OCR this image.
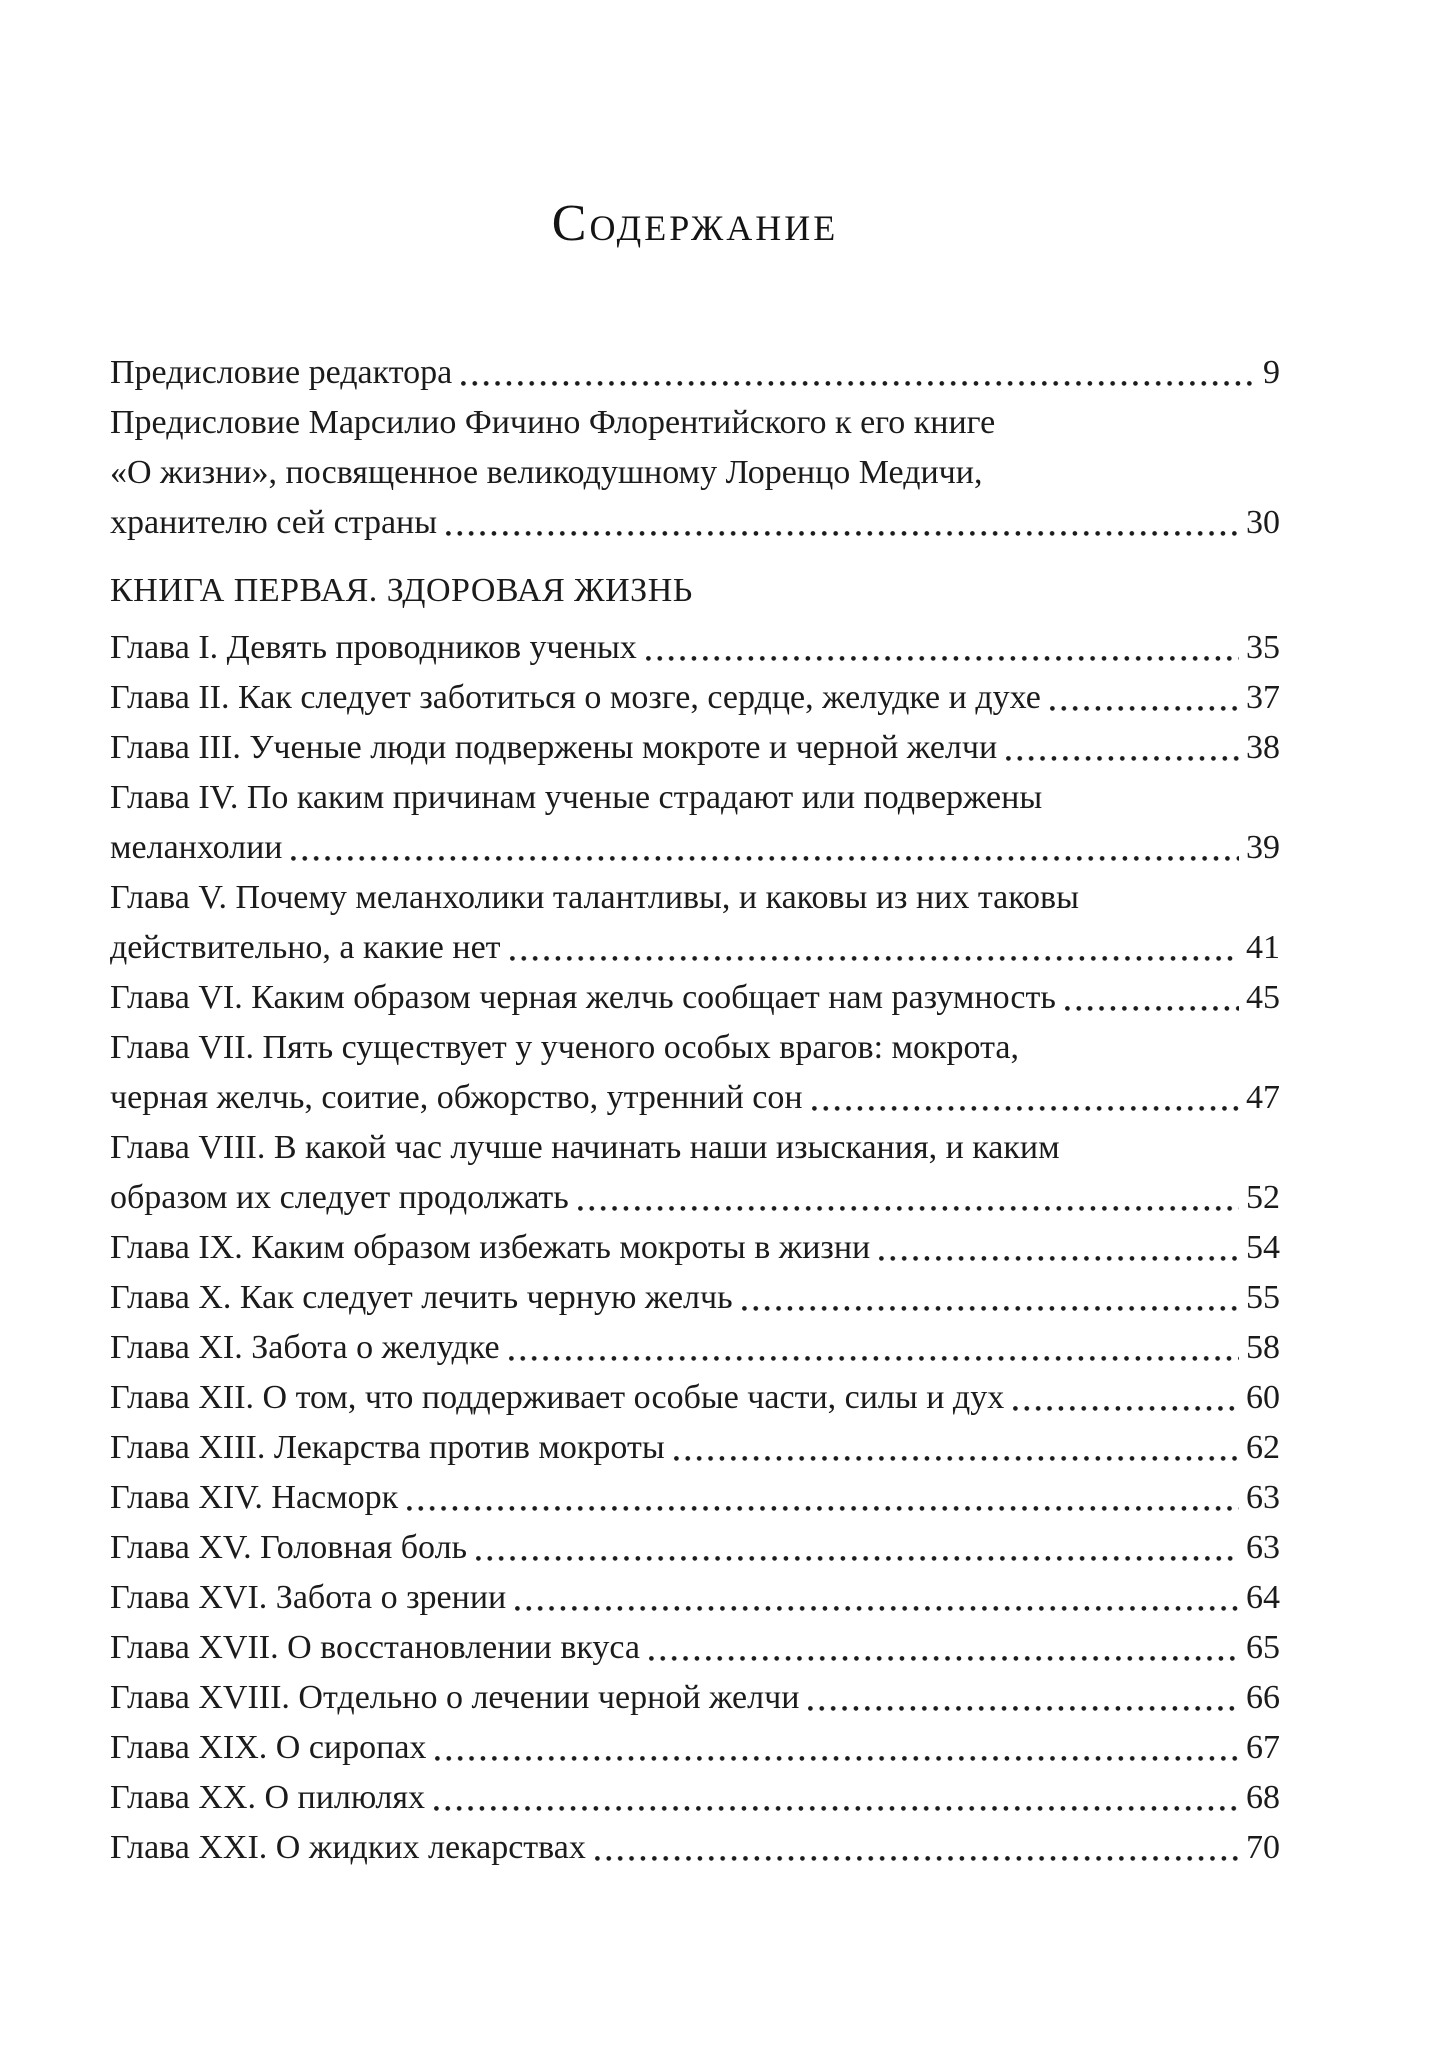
Содержание
Предисловие редактора	9
Предисловие Марсилио Фичино Флорентийского к его книге
«О жизни», посвященное великодушному Лоренцо Медичи,
хранителю сей страны	30
КНИГА ПЕРВАЯ. ЗДОРОВАЯ ЖИЗНЬ
Глава I. Девять проводников ученых	35
Глава II. Как следует заботиться о мозге, сердце, желудке и духе	37
Глава III. Ученые люди подвержены мокроте и черной желчи	38
Глава IV. По каким причинам ученые страдают или подвержены
меланхолии	39
Глава V. Почему меланхолики талантливы, и каковы из них таковы
действительно, а какие нет	41
Глава VI. Каким образом черная желчь сообщает нам разумность	45
Глава VII. Пять существует у ученого особых врагов: мокрота,
черная желчь, соитие, обжорство, утренний сон	47
Глава VIII. В какой час лучше начинать наши изыскания, и каким
образом их следует продолжать	52
Глава IX. Каким образом избежать мокроты в жизни	54
Глава X. Как следует лечить черную желчь	55
Глава XI. Забота о желудке	58
Глава XII. О том, что поддерживает особые части, силы и дух	60
Глава XIII. Лекарства против мокроты	62
Глава XIV. Насморк	63
Глава XV. Головная боль	63
Глава XVI. Забота о зрении	64
Глава XVII. О восстановлении вкуса	65
Глава XVIII. Отдельно о лечении черной желчи	66
Глава XIX. О сиропах	67
Глава XX. О пилюлях	68
Глава XXI. О жидких лекарствах	70
